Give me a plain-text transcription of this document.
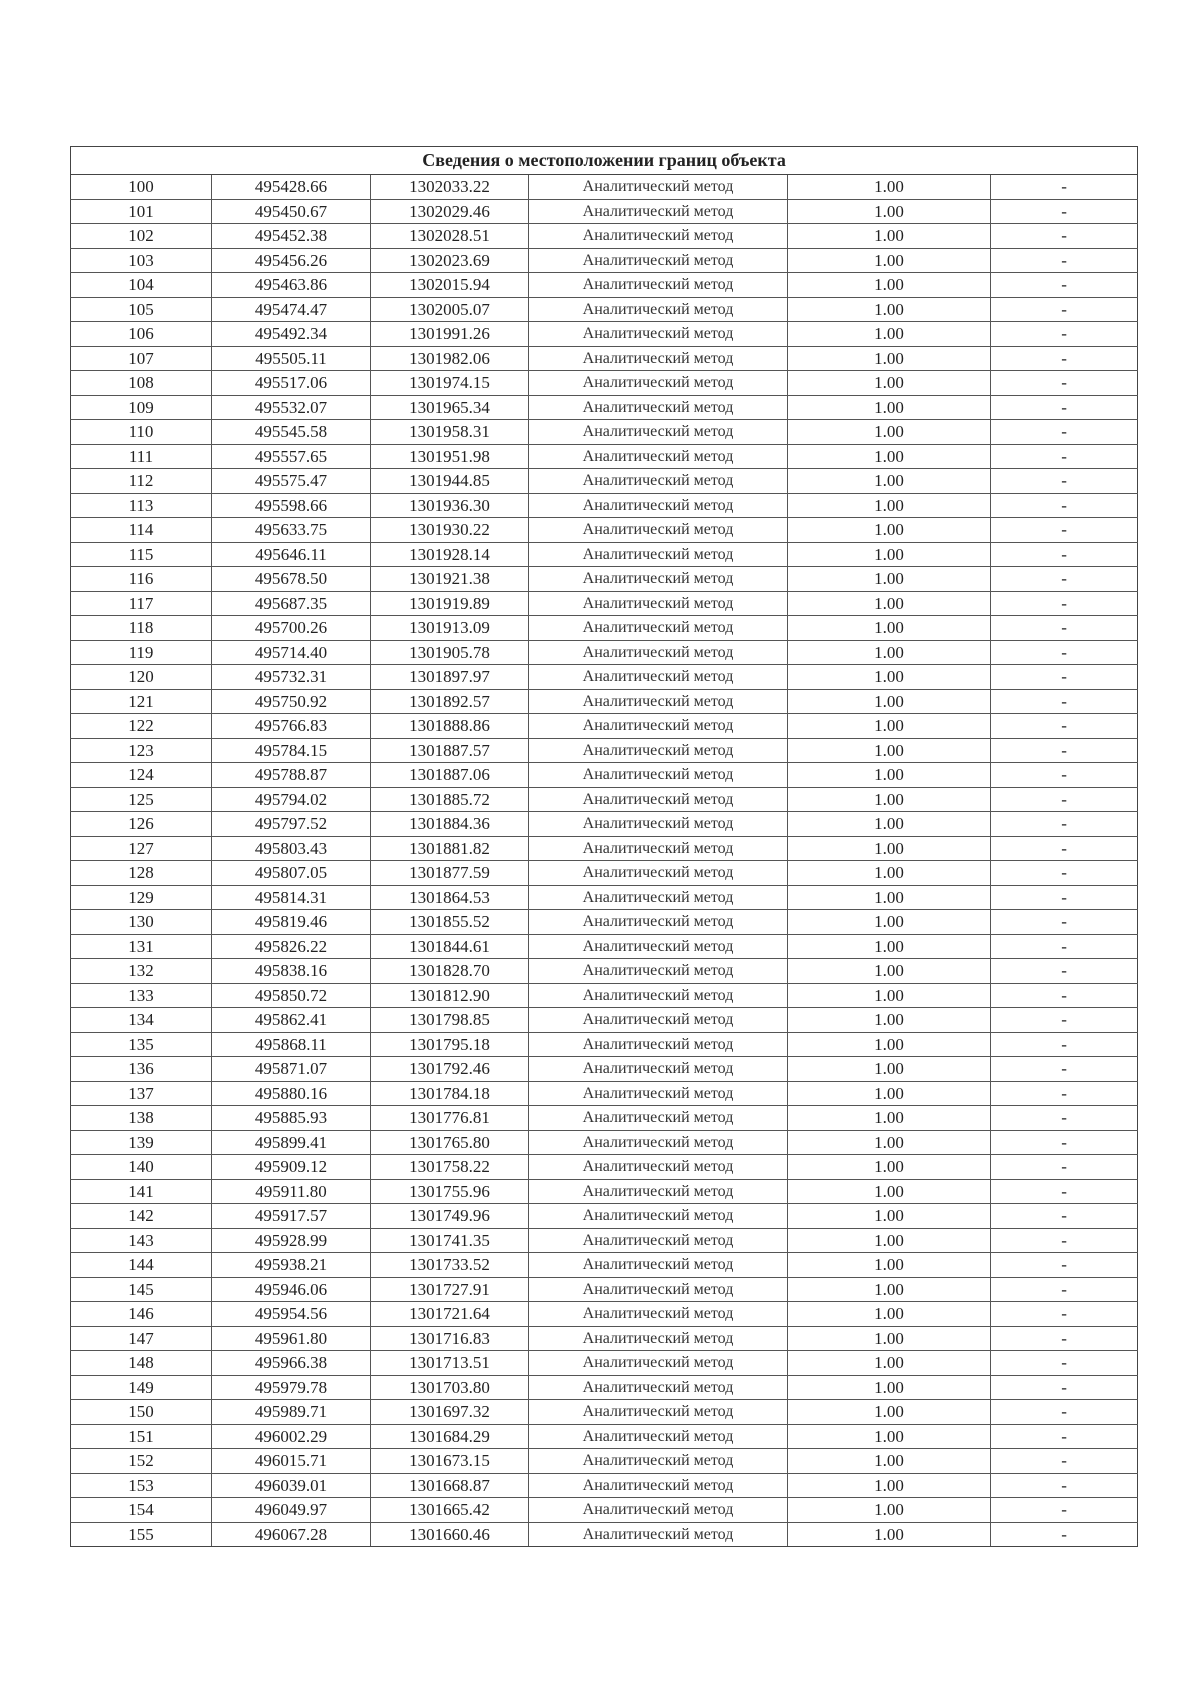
Сведения о местоположении границ объекта					
100	495428.66	1302033.22	Аналитический метод	1.00	-
101	495450.67	1302029.46	Аналитический метод	1.00	-
102	495452.38	1302028.51	Аналитический метод	1.00	-
103	495456.26	1302023.69	Аналитический метод	1.00	-
104	495463.86	1302015.94	Аналитический метод	1.00	-
105	495474.47	1302005.07	Аналитический метод	1.00	-
106	495492.34	1301991.26	Аналитический метод	1.00	-
107	495505.11	1301982.06	Аналитический метод	1.00	-
108	495517.06	1301974.15	Аналитический метод	1.00	-
109	495532.07	1301965.34	Аналитический метод	1.00	-
110	495545.58	1301958.31	Аналитический метод	1.00	-
111	495557.65	1301951.98	Аналитический метод	1.00	-
112	495575.47	1301944.85	Аналитический метод	1.00	-
113	495598.66	1301936.30	Аналитический метод	1.00	-
114	495633.75	1301930.22	Аналитический метод	1.00	-
115	495646.11	1301928.14	Аналитический метод	1.00	-
116	495678.50	1301921.38	Аналитический метод	1.00	-
117	495687.35	1301919.89	Аналитический метод	1.00	-
118	495700.26	1301913.09	Аналитический метод	1.00	-
119	495714.40	1301905.78	Аналитический метод	1.00	-
120	495732.31	1301897.97	Аналитический метод	1.00	-
121	495750.92	1301892.57	Аналитический метод	1.00	-
122	495766.83	1301888.86	Аналитический метод	1.00	-
123	495784.15	1301887.57	Аналитический метод	1.00	-
124	495788.87	1301887.06	Аналитический метод	1.00	-
125	495794.02	1301885.72	Аналитический метод	1.00	-
126	495797.52	1301884.36	Аналитический метод	1.00	-
127	495803.43	1301881.82	Аналитический метод	1.00	-
128	495807.05	1301877.59	Аналитический метод	1.00	-
129	495814.31	1301864.53	Аналитический метод	1.00	-
130	495819.46	1301855.52	Аналитический метод	1.00	-
131	495826.22	1301844.61	Аналитический метод	1.00	-
132	495838.16	1301828.70	Аналитический метод	1.00	-
133	495850.72	1301812.90	Аналитический метод	1.00	-
134	495862.41	1301798.85	Аналитический метод	1.00	-
135	495868.11	1301795.18	Аналитический метод	1.00	-
136	495871.07	1301792.46	Аналитический метод	1.00	-
137	495880.16	1301784.18	Аналитический метод	1.00	-
138	495885.93	1301776.81	Аналитический метод	1.00	-
139	495899.41	1301765.80	Аналитический метод	1.00	-
140	495909.12	1301758.22	Аналитический метод	1.00	-
141	495911.80	1301755.96	Аналитический метод	1.00	-
142	495917.57	1301749.96	Аналитический метод	1.00	-
143	495928.99	1301741.35	Аналитический метод	1.00	-
144	495938.21	1301733.52	Аналитический метод	1.00	-
145	495946.06	1301727.91	Аналитический метод	1.00	-
146	495954.56	1301721.64	Аналитический метод	1.00	-
147	495961.80	1301716.83	Аналитический метод	1.00	-
148	495966.38	1301713.51	Аналитический метод	1.00	-
149	495979.78	1301703.80	Аналитический метод	1.00	-
150	495989.71	1301697.32	Аналитический метод	1.00	-
151	496002.29	1301684.29	Аналитический метод	1.00	-
152	496015.71	1301673.15	Аналитический метод	1.00	-
153	496039.01	1301668.87	Аналитический метод	1.00	-
154	496049.97	1301665.42	Аналитический метод	1.00	-
155	496067.28	1301660.46	Аналитический метод	1.00	-
